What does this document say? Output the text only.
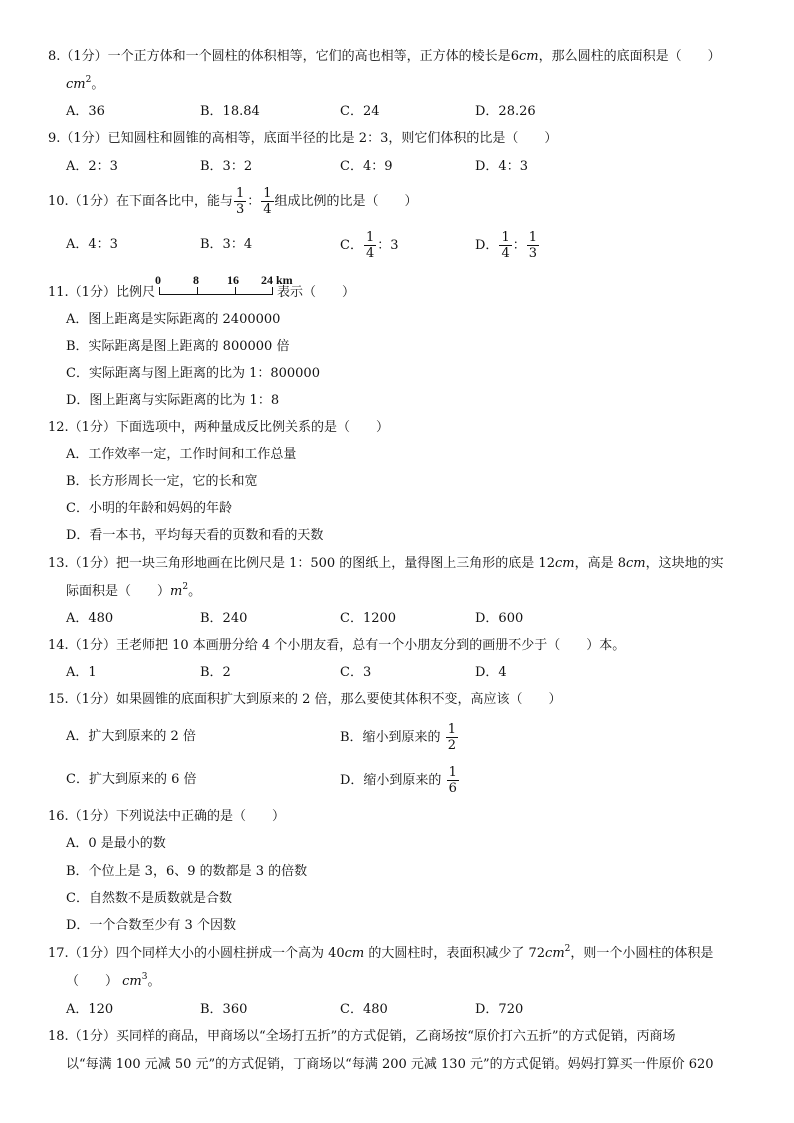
8.（1分）一个正方体和一个圆柱的体积相等，它们的高也相等，正方体的棱长是6cm，那么圆柱的底面积是（　　）
$cm^2$。
A．36	B．18.84	C．24	D．28.26
9.（1分）已知圆柱和圆锥的高相等，底面半径的比是 2：3，则它们体积的比是（　　）
A．2：3	B．3：2	C．4：9	D．4：3
10.（1分）在下面各比中，能与 $\frac{1}{3}$ ： $\frac{1}{4}$ 组成比例的比是（　　）
A．4：3	B．3：4	C． $\frac{1}{4}$ ：3	D． $\frac{1}{4}$ ： $\frac{1}{3}$
11.（1分）比例尺
0	8 16 24 km
表示（　　）
A．图上距离是实际距离的 2400000
B．实际距离是图上距离的 800000 倍
C．实际距离与图上距离的比为 1：800000
D．图上距离与实际距离的比为 1：8
12.（1分）下面选项中，两种量成反比例关系的是（　　）
A．工作效率一定，工作时间和工作总量
B．长方形周长一定，它的长和宽
C．小明的年龄和妈妈的年龄
D．看一本书，平均每天看的页数和看的天数
13.（1分）把一块三角形地画在比例尺是 1：500 的图纸上，量得图上三角形的底是 12cm，高是 8cm，这块地的实
际面积是（　　）$m^2$。
A．480	B．240	C．1200	D．600
14.（1分）王老师把 10 本画册分给 4 个小朋友看，总有一个小朋友分到的画册不少于（　　）本。
A．1	B．2	C．3	D．4
15.（1分）如果圆锥的底面积扩大到原来的 2 倍，那么要使其体积不变，高应该（　　）
A．扩大到原来的 2 倍	B．缩小到原来的 $\frac{1}{2}$
C．扩大到原来的 6 倍	D．缩小到原来的 $\frac{1}{6}$
16.（1分）下列说法中正确的是（　　）
A．0 是最小的数
B．个位上是 3，6、9 的数都是 3 的倍数
C．自然数不是质数就是合数
D．一个合数至少有 3 个因数
17.（1分）四个同样大小的小圆柱拼成一个高为 40cm 的大圆柱时，表面积减少了 $72cm^2$，则一个小圆柱的体积是
（　　） $cm^3$。
A．120	B．360	C．480	D．720
18.（1分）买同样的商品，甲商场以“全场打五折”的方式促销，乙商场按“原价打六五折”的方式促销，丙商场
以“每满 100 元减 50 元”的方式促销，丁商场以“每满 200 元减 130 元”的方式促销。妈妈打算买一件原价 620
